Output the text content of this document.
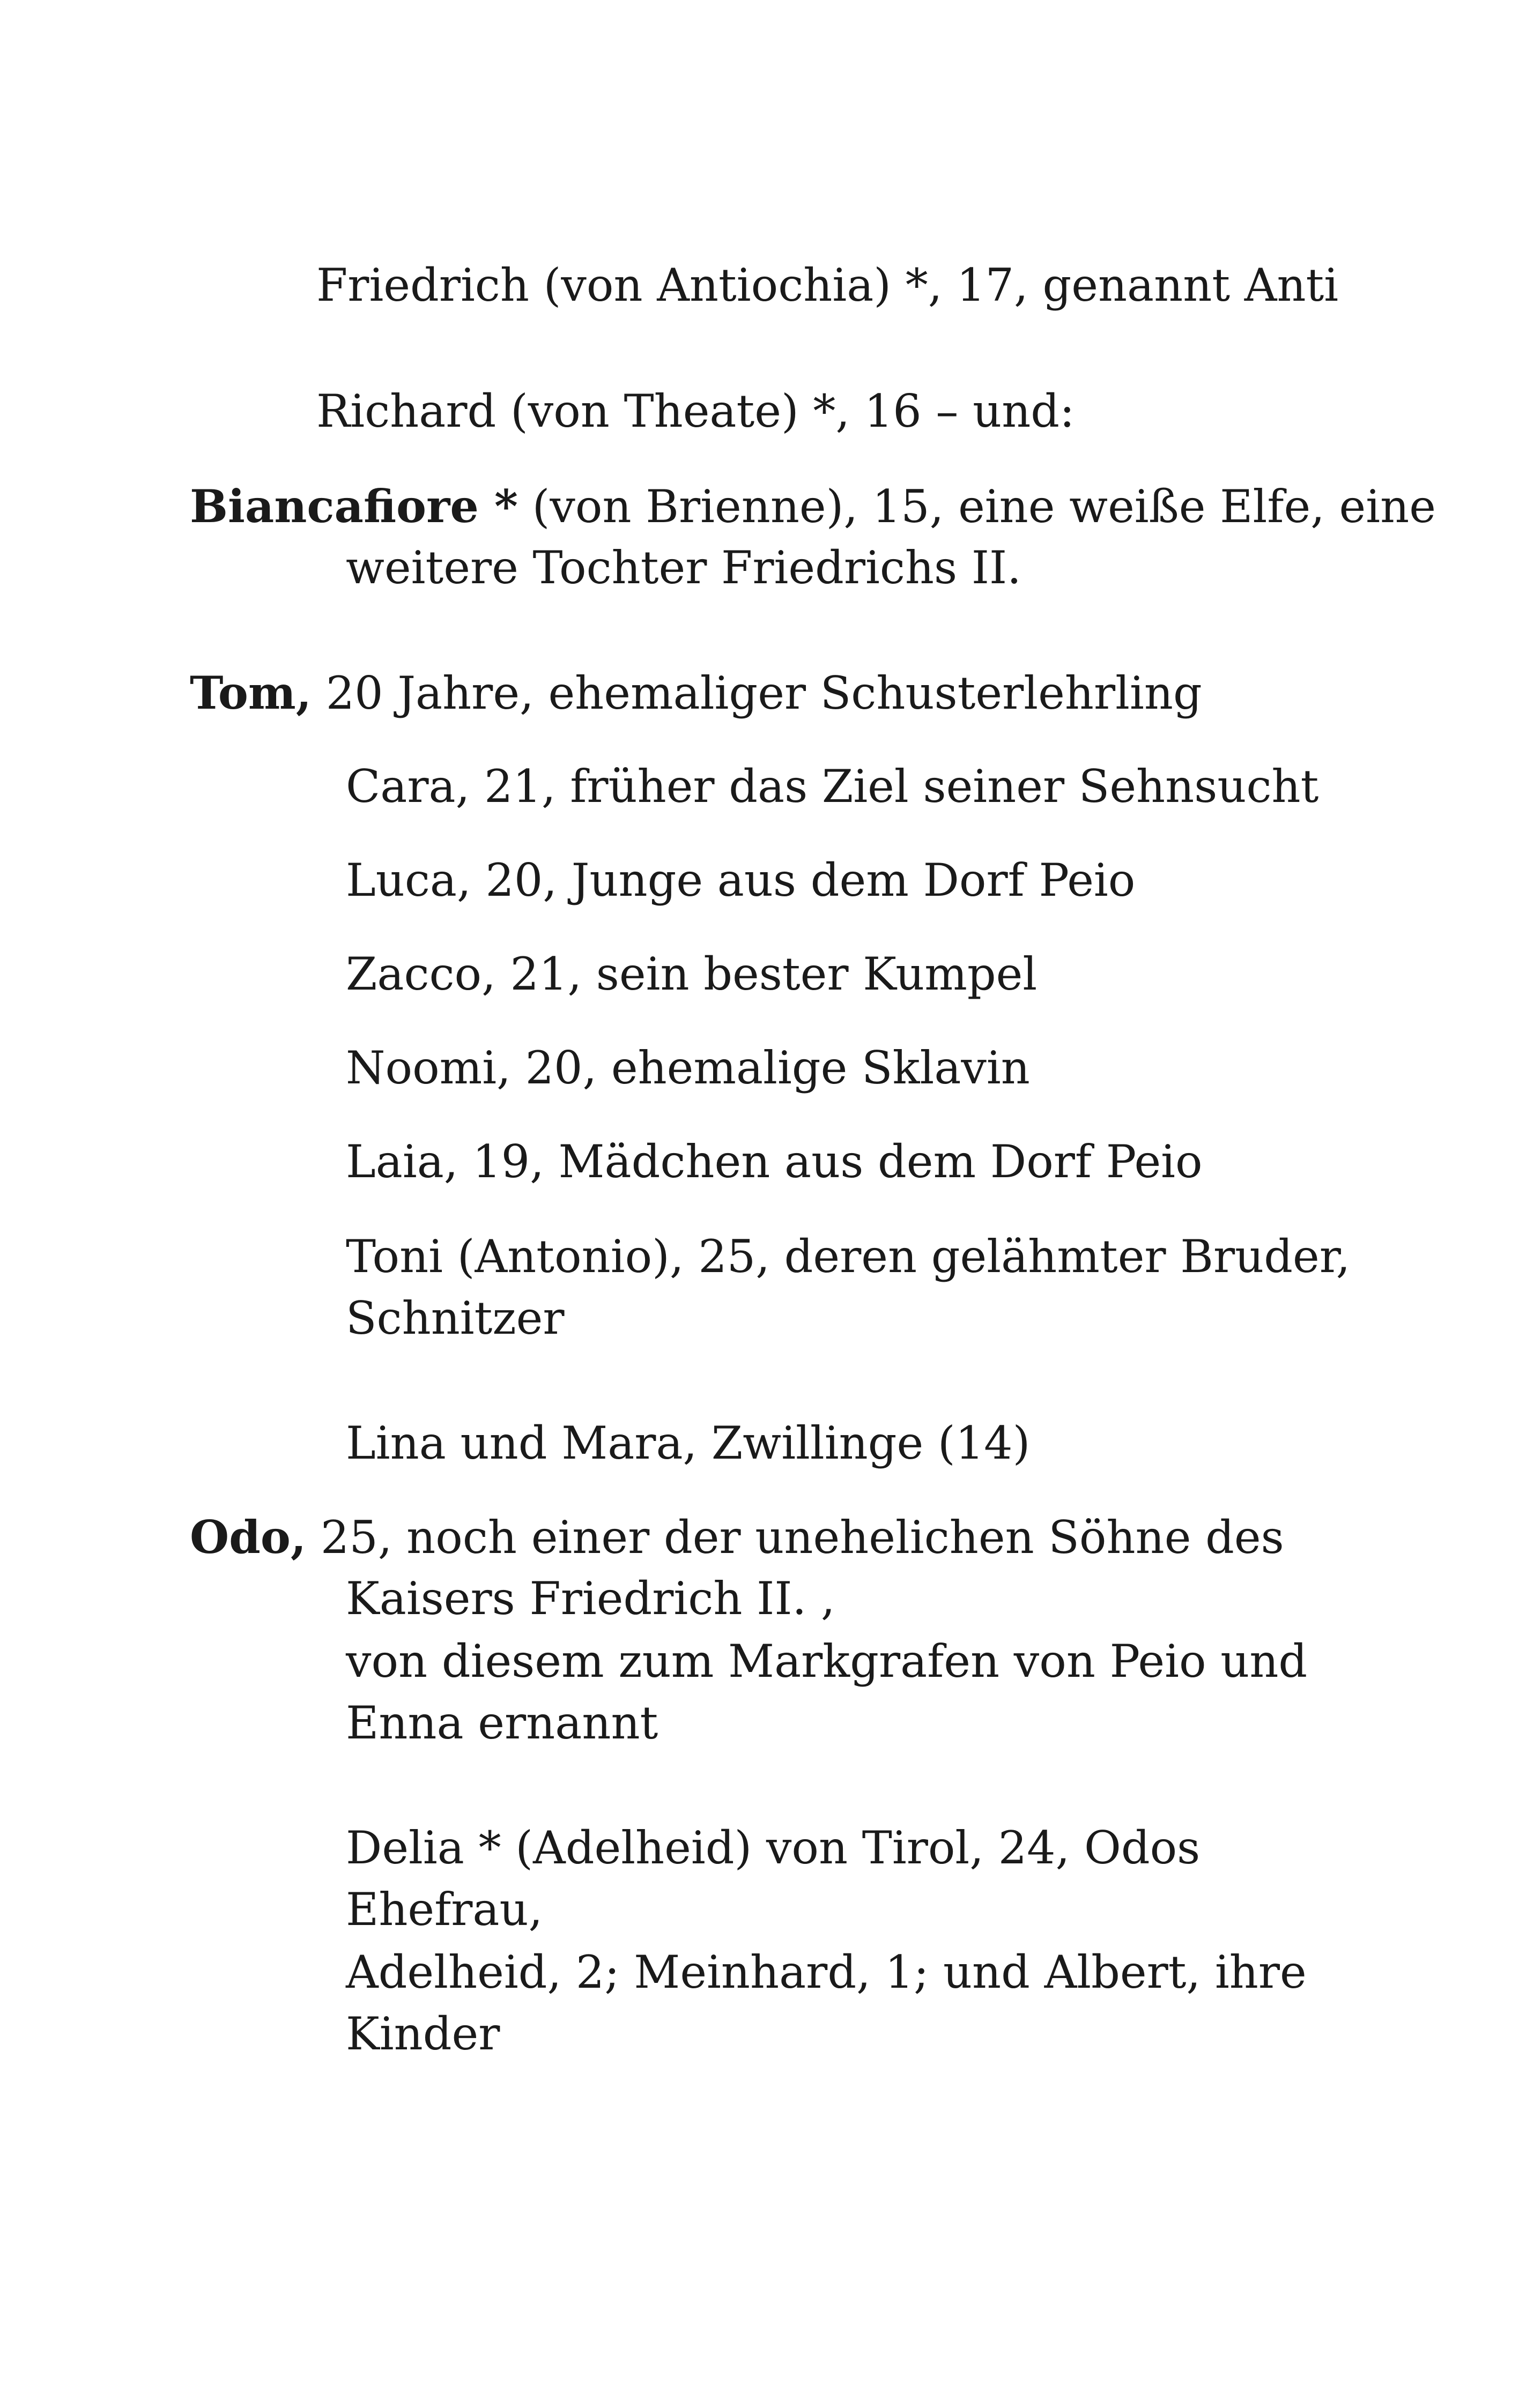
Friedrich (von Antiochia) *, 17, genannt Anti
Richard (von Theate) *, 16 – und:
Biancafiore * (von Brienne), 15, eine weiße Elfe, eine
weitere Tochter Friedrichs II.
Tom, 20 Jahre, ehemaliger Schusterlehrling
Cara, 21, früher das Ziel seiner Sehnsucht
Luca, 20, Junge aus dem Dorf Peio
Zacco, 21, sein bester Kumpel
Noomi, 20, ehemalige Sklavin
Laia, 19, Mädchen aus dem Dorf Peio
Toni (Antonio), 25, deren gelähmter Bruder,
Schnitzer
Lina und Mara, Zwillinge (14)
Odo, 25, noch einer der unehelichen Söhne des
Kaisers Friedrich II. ,
von diesem zum Markgrafen von Peio und
Enna ernannt
Delia * (Adelheid) von Tirol, 24, Odos
Ehefrau,
Adelheid, 2; Meinhard, 1; und Albert, ihre
Kinder
